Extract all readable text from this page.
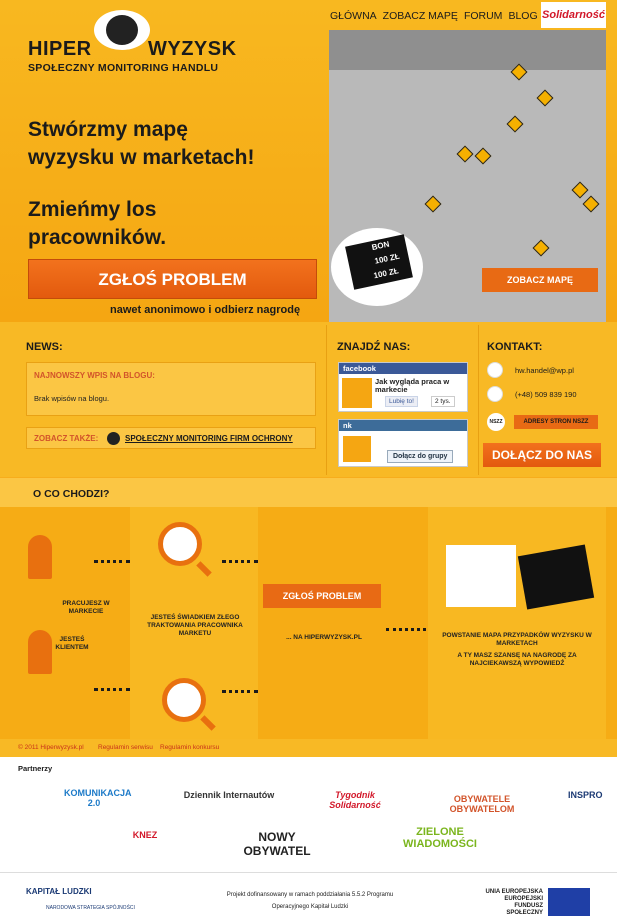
HIPER	WYZYSK
SPOŁECZNY MONITORING HANDLU
GŁÓWNA ZOBACZ MAPĘ FORUM BLOG Solidarność
Stwórzmy mapę
wyzysku w marketach!
Zmieńmy los
pracowników.
ZGŁOŚ PROBLEM
nawet anonimowo i odbierz nagrodę
BON
100 ZŁ
100 ZŁ	ZOBACZ MAPĘ
NEWS:
NAJNOWSZY WPIS NA BLOGU:
Brak wpisów na blogu.
ZOBACZ TAKŻE:	SPOŁECZNY MONITORING FIRM OCHRONY
ZNAJDŹ NAS:
facebook
Jak wygląda praca w markecie
Lubię to!	2 tys.
nk
Dołącz do grupy
KONTAKT:
hw.handel@wp.pl
(+48) 509 839 190
NSZZ	ADRESY STRON NSZZ
DOŁĄCZ DO NAS
O CO CHODZI?
PRACUJESZ W MARKECIE
JESTEŚ KLIENTEM
JESTEŚ ŚWIADKIEM ZŁEGO TRAKTOWANIA PRACOWNIKA MARKETU
ZGŁOŚ PROBLEM
... NA HIPERWYZYSK.PL	POWSTANIE MAPA PRZYPADKÓW WYZYSKU W MARKETACH
A TY MASZ SZANSĘ NA NAGRODĘ ZA NAJCIEKAWSZĄ WYPOWIEDŹ
© 2011 Hiperwyzysk.pl Regulamin serwisu Regulamin konkursu
Partnerzy
KOMUNIKACJA 2.0
Dziennik Internautów	Tygodnik Solidarność
OBYWATELE OBYWATELOM
INSPRO
KNEZ	NOWY OBYWATEL
ZIELONE WIADOMOŚCI
KAPITAŁ LUDZKI
NARODOWA STRATEGIA SPÓJNOŚCI
Projekt dofinansowany w ramach poddziałania 5.5.2 Programu
Operacyjnego Kapitał Ludzki
UNIA EUROPEJSKA
EUROPEJSKI
FUNDUSZ SPOŁECZNY
